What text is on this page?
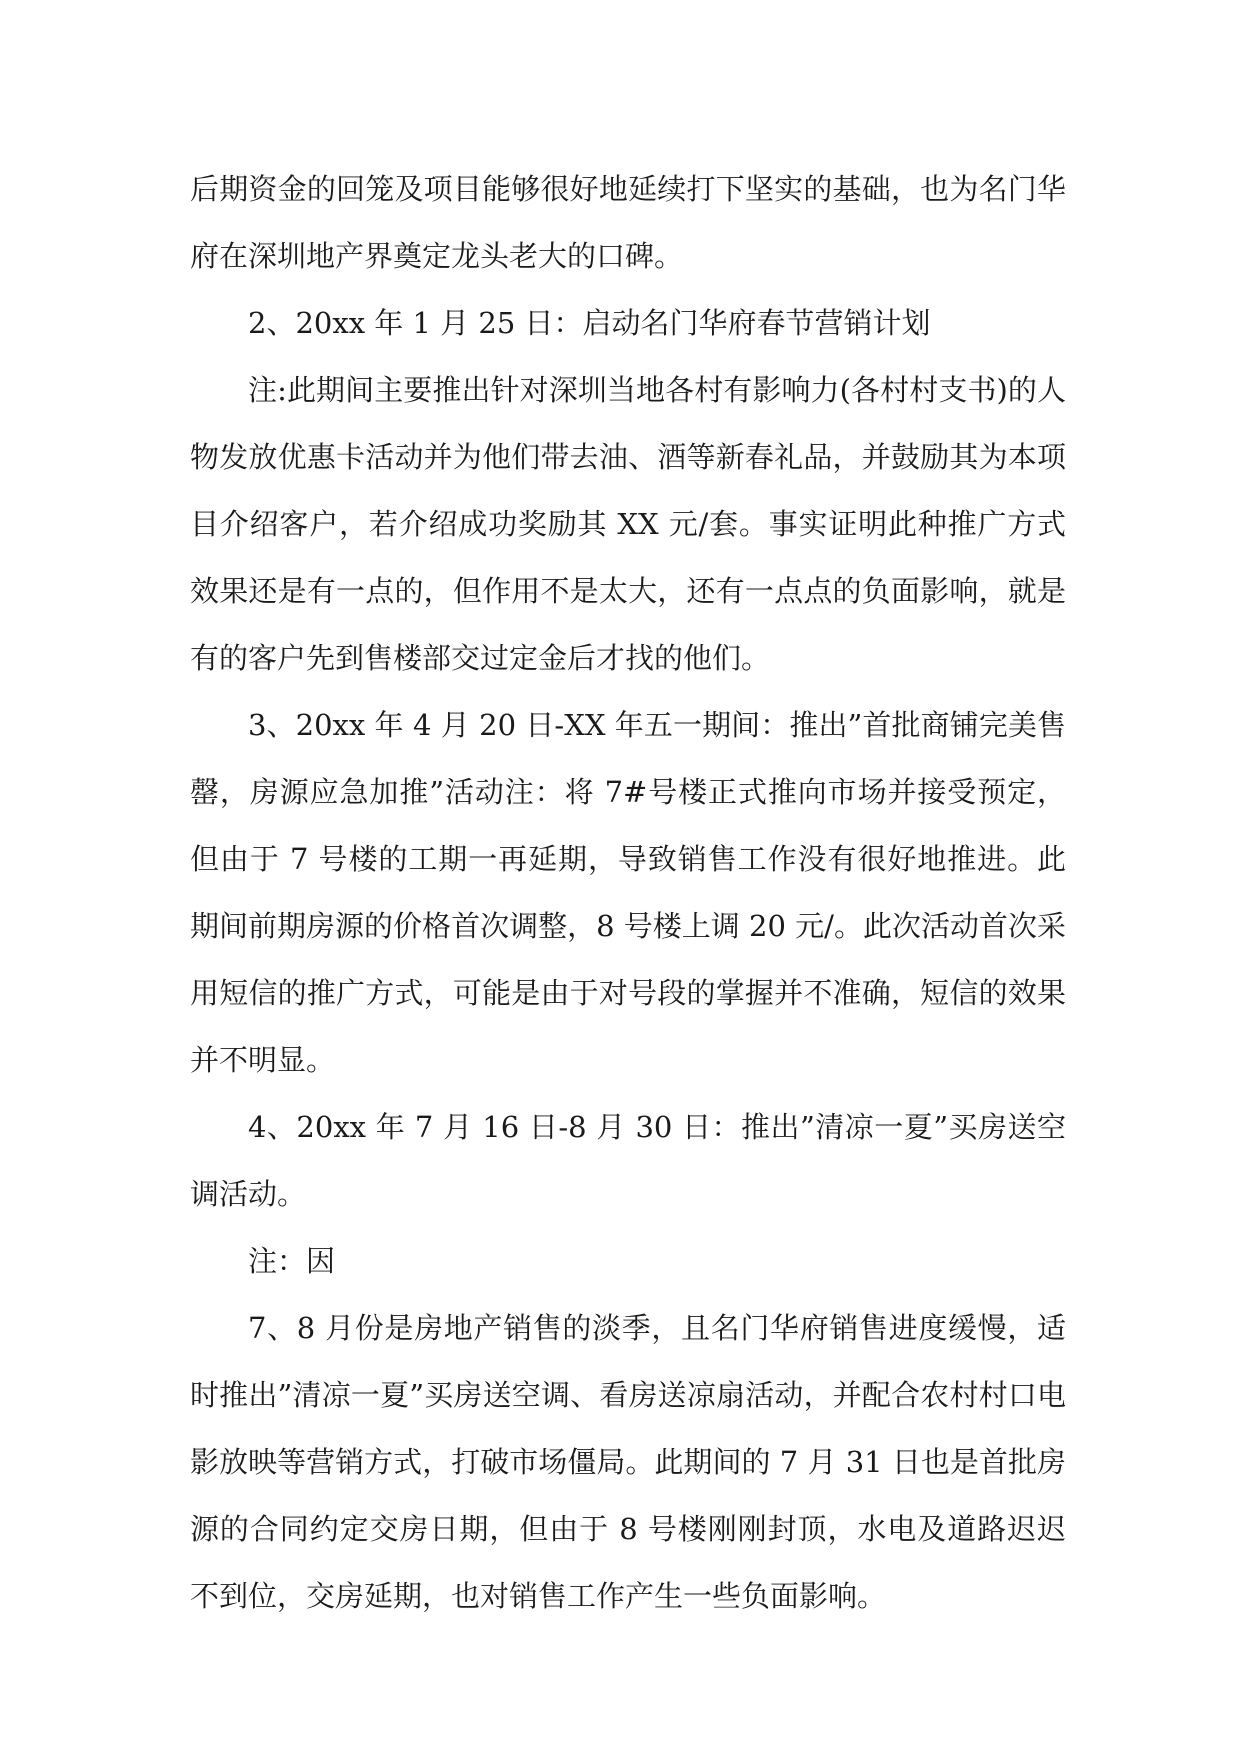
后期资金的回笼及项目能够很好地延续打下坚实的基础，也为名门华府在深圳地产界奠定龙头老大的口碑。

2、20xx 年 1 月 25 日：启动名门华府春节营销计划

注:此期间主要推出针对深圳当地各村有影响力(各村村支书)的人物发放优惠卡活动并为他们带去油、酒等新春礼品，并鼓励其为本项目介绍客户，若介绍成功奖励其 XX 元/套。事实证明此种推广方式效果还是有一点的，但作用不是太大，还有一点点的负面影响，就是有的客户先到售楼部交过定金后才找的他们。

3、20xx 年 4 月 20 日-XX 年五一期间：推出”首批商铺完美售罄，房源应急加推”活动注：将 7#号楼正式推向市场并接受预定，但由于 7 号楼的工期一再延期，导致销售工作没有很好地推进。此期间前期房源的价格首次调整，8 号楼上调 20 元/。此次活动首次采用短信的推广方式，可能是由于对号段的掌握并不准确，短信的效果并不明显。

4、20xx 年 7 月 16 日-8 月 30 日：推出”清凉一夏”买房送空调活动。

注：因

7、8 月份是房地产销售的淡季，且名门华府销售进度缓慢，适时推出”清凉一夏”买房送空调、看房送凉扇活动，并配合农村村口电影放映等营销方式，打破市场僵局。此期间的 7 月 31 日也是首批房源的合同约定交房日期，但由于 8 号楼刚刚封顶，水电及道路迟迟不到位，交房延期，也对销售工作产生一些负面影响。
